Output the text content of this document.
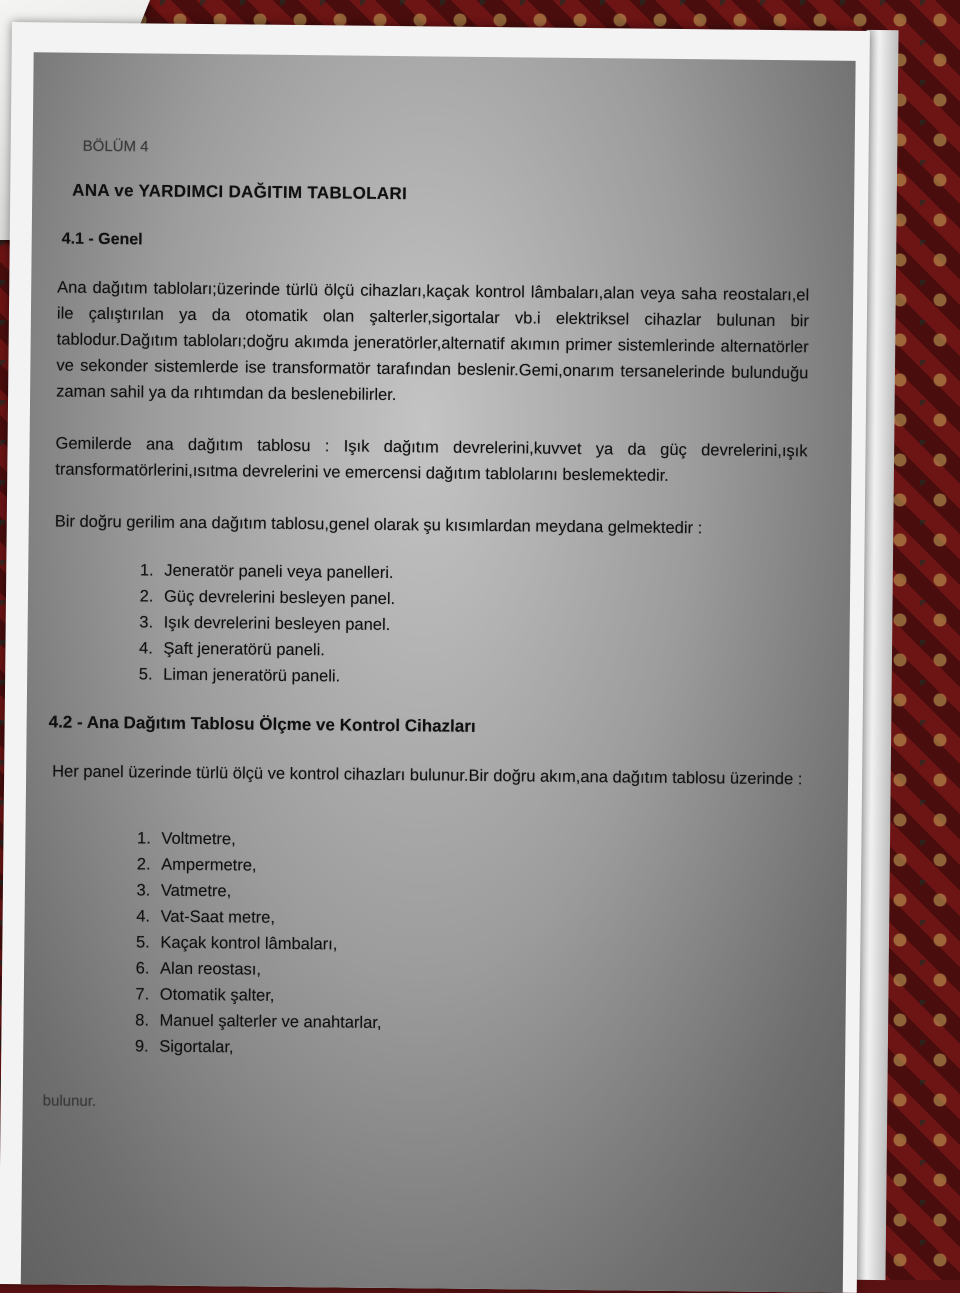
BÖLÜM 4
ANA ve YARDIMCI DAĞITIM TABLOLARI
4.1 - Genel
Ana dağıtım tabloları;üzerinde türlü ölçü cihazları,kaçak kontrol lâmbaları,alan veya saha reostaları,el ile çalıştırılan ya da otomatik olan şalterler,sigortalar vb.i elektriksel cihazlar bulunan bir tablodur.Dağıtım tabloları;doğru akımda jeneratörler,alternatif akımın primer sistemlerinde alternatörler ve sekonder sistemlerde ise transformatör tarafından beslenir.Gemi,onarım tersanelerinde bulunduğu zaman sahil ya da rıhtımdan da beslenebilirler.
Gemilerde ana dağıtım tablosu : Işık dağıtım devrelerini,kuvvet ya da güç devrelerini,ışık transformatörlerini,ısıtma devrelerini ve emercensi dağıtım tablolarını beslemektedir.
Bir doğru gerilim ana dağıtım tablosu,genel olarak şu kısımlardan meydana gelmektedir :
1. Jeneratör paneli veya panelleri.
2. Güç devrelerini besleyen panel.
3. Işık devrelerini besleyen panel.
4. Şaft jeneratörü paneli.
5. Liman jeneratörü paneli.
4.2 - Ana Dağıtım Tablosu Ölçme ve Kontrol Cihazları
Her panel üzerinde türlü ölçü ve kontrol cihazları bulunur.Bir doğru akım,ana dağıtım tablosu üzerinde :
1. Voltmetre,
2. Ampermetre,
3. Vatmetre,
4. Vat-Saat metre,
5. Kaçak kontrol lâmbaları,
6. Alan reostası,
7. Otomatik şalter,
8. Manuel şalterler ve anahtarlar,
9. Sigortalar,
bulunur.
